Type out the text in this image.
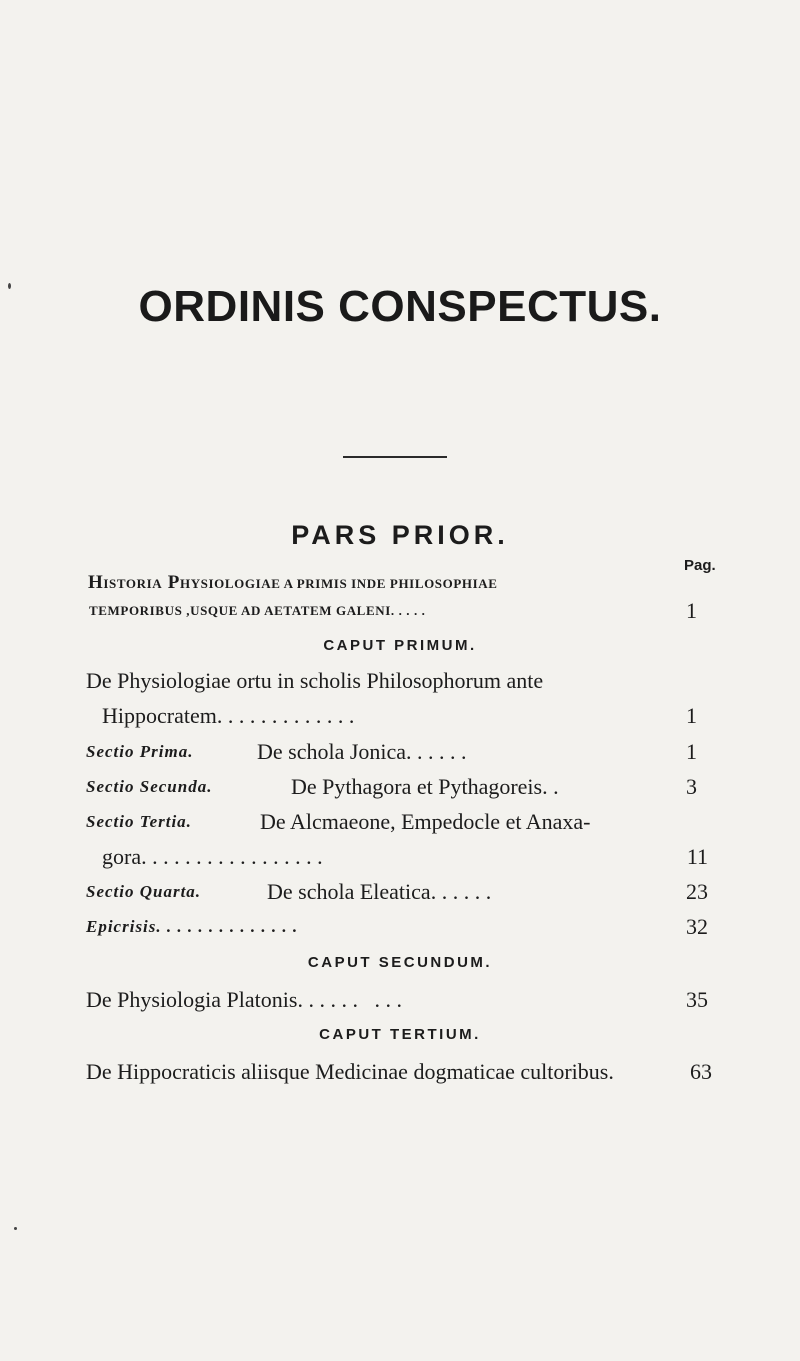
ORDINIS CONSPECTUS.
PARS PRIOR.
Pag.
HISTORIA PHYSIOLOGIAE A PRIMIS INDE PHILOSOPHIAE
TEMPORIBUS ,USQUE AD AETATEM GALENI. . . . .	1
CAPUT PRIMUM.
De Physiologiae ortu in scholis Philosophorum ante
Hippocratem. . . . . . . . . . . . .	1
Sectio Prima.	De schola Jonica. . . . . .	1
Sectio Secunda.	De Pythagora et Pythagoreis. .	3
Sectio Tertia.	De Alcmaeone, Empedocle et Anaxa-
gora. . . . . . . . . . . . . . . . .	11
Sectio Quarta.	De schola Eleatica. . . . . .	23
Epicrisis. . . . . . . . . . . . . .	32
CAPUT SECUNDUM.
De Physiologia Platonis. . . . . .   . . .	35
CAPUT TERTIUM.
De Hippocraticis aliisque Medicinae dogmaticae cultoribus.	63
